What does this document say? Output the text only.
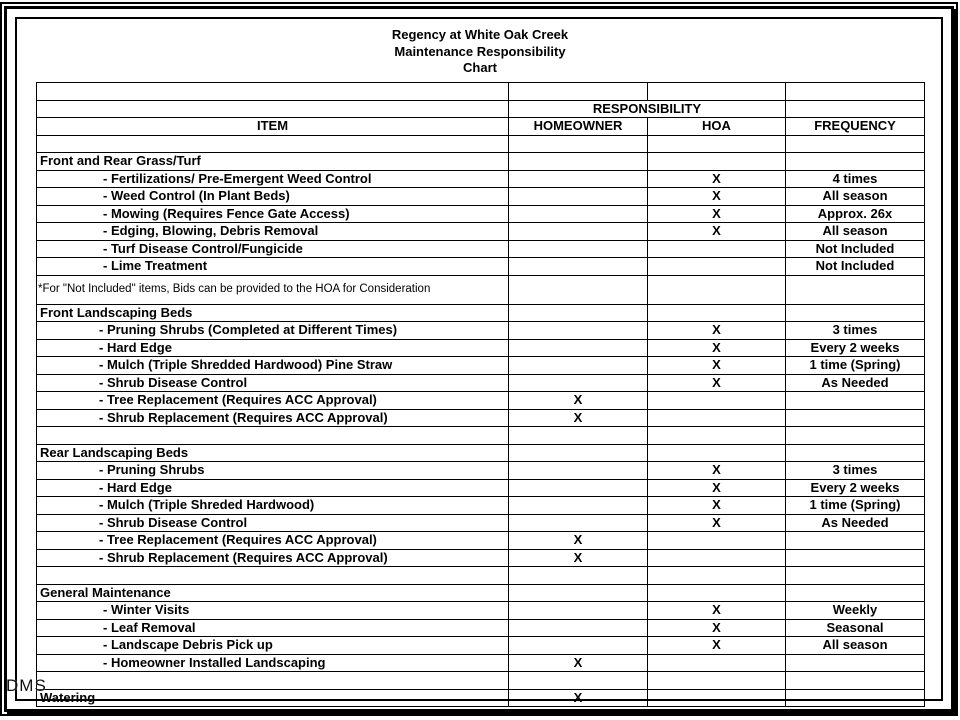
Regency at White Oak Creek
Maintenance Responsibility
Chart

	RESPONSIBILITY		
ITEM	HOMEOWNER	HOA	FREQUENCY

Front and Rear Grass/Turf			
- Fertilizations/ Pre-Emergent Weed Control		X	4 times
- Weed Control (In Plant Beds)		X	All season
- Mowing (Requires Fence Gate Access)		X	Approx. 26x
- Edging, Blowing, Debris Removal		X	All season
- Turf Disease Control/Fungicide			Not Included
- Lime Treatment			Not Included
*For "Not Included" items, Bids can be provided to the HOA for Consideration			
Front Landscaping Beds			
- Pruning Shrubs (Completed at Different Times)		X	3 times
- Hard Edge		X	Every 2 weeks
- Mulch (Triple Shredded Hardwood) Pine Straw		X	1 time (Spring)
- Shrub Disease Control		X	As Needed
- Tree Replacement (Requires ACC Approval)	X		
- Shrub Replacement (Requires ACC Approval)	X		

Rear Landscaping Beds			
- Pruning Shrubs		X	3 times
- Hard Edge		X	Every 2 weeks
- Mulch (Triple Shreded Hardwood)		X	1 time (Spring)
- Shrub Disease Control		X	As Needed
- Tree Replacement (Requires ACC Approval)	X		
- Shrub Replacement (Requires ACC Approval)	X		

General Maintenance			
- Winter Visits		X	Weekly
- Leaf Removal		X	Seasonal
- Landscape Debris Pick up		X	All season
- Homeowner Installed Landscaping	X		

Watering	X		
DMS
